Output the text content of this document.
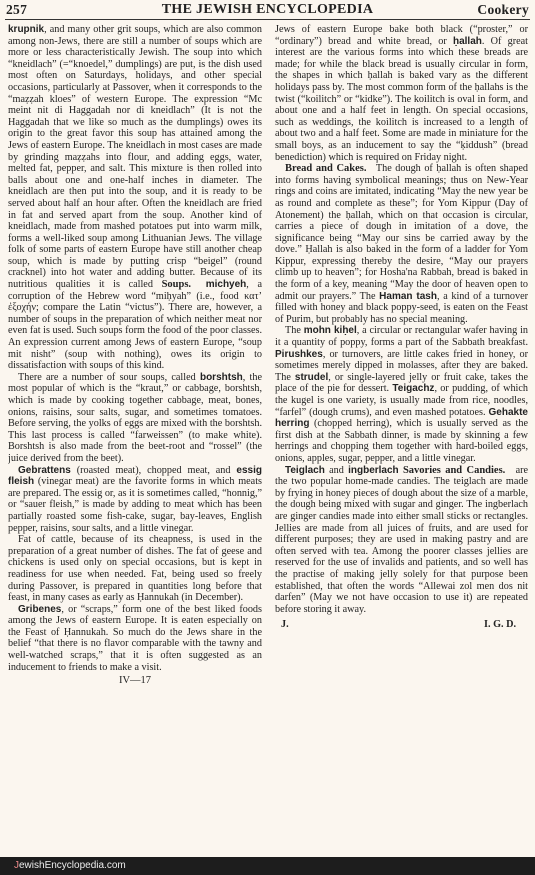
257	THE JEWISH ENCYCLOPEDIA	Cookery

krupnik, and many other grit soups, which are also common among non-Jews, there are still a number of soups which are more or less characteristically Jewish. The soup into which “kneidlach” (=“knoedel,” dumplings) are put, is the dish used most often on Saturdays, holidays, and other special occasions, particularly at Passover, when it corresponds to the “maẓẓah kloes” of western Europe. The expression “Mc meint nit di Haggadah nor di kneidlach” (It is not the Haggadah that we like so much as the dumplings) owes its origin to the great favor this soup has attained among the Jews of eastern Europe. The kneidlach in most cases are made by grinding maẓẓahs into flour, and adding eggs, water, melted fat, pepper, and salt. This mixture is then rolled into balls about one and one-half inches in diameter. The kneidlach are then put into the soup, and it is ready to be served about half an hour after. Often the kneidlach are fried in fat and served apart from the soup. Another kind of kneidlach, made from mashed potatoes put into warm milk, forms a well-liked soup among Lithuanian Jews. The village folk of some parts of eastern Europe have still another cheap soup, which is made by putting crisp “beigel” (round cracknel) into hot water and adding butter. Because of its nutritious qualities it is called Soups. michyeh, a corruption of the Hebrew word “miḥyah” (i.e., food κατ’ ἐξοχήν; compare the Latin “victus”). There are, however, a number of soups in the preparation of which neither meat nor even fat is used. Such soups form the food of the poor classes. An expression current among Jews of eastern Europe, “soup mit nisht” (soup with nothing), owes its origin to dissatisfaction with soups of this kind.

There are a number of sour soups, called borshtsh, the most popular of which is the “kraut,” or cabbage, borshtsh, which is made by cooking together cabbage, meat, bones, onions, raisins, sour salts, sugar, and sometimes tomatoes. Before serving, the yolks of eggs are mixed with the borshtsh. This last process is called “farweissen” (to make white). Borshtsh is also made from the beet-root and “rossel” (the juice derived from the beet).

Gebrattens (roasted meat), chopped meat, and essig fleish (vinegar meat) are the favorite forms in which meats are prepared. The essig or, as it is sometimes called, “honnig,” or “sauer fleish,” is made by adding to meat which has been partially roasted some fish-cake, sugar, bay-leaves, English pepper, raisins, sour salts, and a little vinegar.

Fat of cattle, because of its cheapness, is used in the preparation of a great number of dishes. The fat of geese and chickens is used only on special occasions, but is kept in readiness for use when needed. Fat, being used so freely during Passover, is prepared in quantities long before that feast, in many cases as early as Ḥannukah (in December).

Gribenes, or “scraps,” form one of the best liked foods among the Jews of eastern Europe. It is eaten especially on the Feast of Ḥannukah. So much do the Jews share in the belief “that there is no flavor comparable with the tawny and well-watched scraps,” that it is often suggested as an inducement to friends to make a visit.

IV—17

Jews of eastern Europe bake both black (“proster,” or “ordinary”) bread and white bread, or ḥallah. Of great interest are the various forms into which these breads are made; for while the black bread is usually circular in form, the shapes in which ḥallah is baked vary as the different holidays pass by. The most common form of the ḥallahs is the twist (“koilitch” or “kidke”). The koilitch is oval in form, and about one and a half feet in length. On special occasions, such as weddings, the koilitch is increased to a length of about two and a half feet. Some are made in miniature for the small boys, as an inducement to say the “ḳiddush” (bread benediction) which is required on Friday night.

Bread and Cakes. The dough of ḥallah is often shaped into forms having symbolical meanings; thus on New-Year rings and coins are imitated, indicating “May the new year be as round and complete as these”; for Yom Kippur (Day of Atonement) the ḥallah, which on that occasion is circular, carries a piece of dough in imitation of a dove, the significance being “May our sins be carried away by the dove.” Ḥallah is also baked in the form of a ladder for Yom Kippur, expressing thereby the desire, “May our prayers climb up to heaven”; for Hosha'na Rabbah, bread is baked in the form of a key, meaning “May the door of heaven open to admit our prayers.” The Haman tash, a kind of a turnover filled with honey and black poppy-seed, is eaten on the Feast of Purim, but probably has no special meaning.

The mohn kiḥel, a circular or rectangular wafer having in it a quantity of poppy, forms a part of the Sabbath breakfast. Pirushkes, or turnovers, are little cakes fried in honey, or sometimes merely dipped in molasses, after they are baked. The strudel, or single-layered jelly or fruit cake, takes the place of the pie for dessert. Teigachz, or pudding, of which the kugel is one variety, is usually made from rice, noodles, “farfel” (dough crums), and even mashed potatoes. Gehakte herring (chopped herring), which is usually served as the first dish at the Sabbath dinner, is made by skinning a few herrings and chopping them together with hard-boiled eggs, onions, apples, sugar, pepper, and a little vinegar.

Teiglach and ingberlach Savories and Candies. are the two popular home-made candies. The teiglach are made by frying in honey pieces of dough about the size of a marble, the dough being mixed with sugar and ginger. The ingberlach are ginger candies made into either small sticks or rectangles. Jellies are made from all juices of fruits, and are used for different purposes; they are used in making pastry and are often served with tea. Among the poorer classes jellies are reserved for the use of invalids and patients, and so well has the practise of making jelly solely for that purpose been established, that often the words “Allewai zol men dos nit darfen” (May we not have occasion to use it) are repeated before storing it away.

J.	I. G. D.
JewishEncyclopedia.com
